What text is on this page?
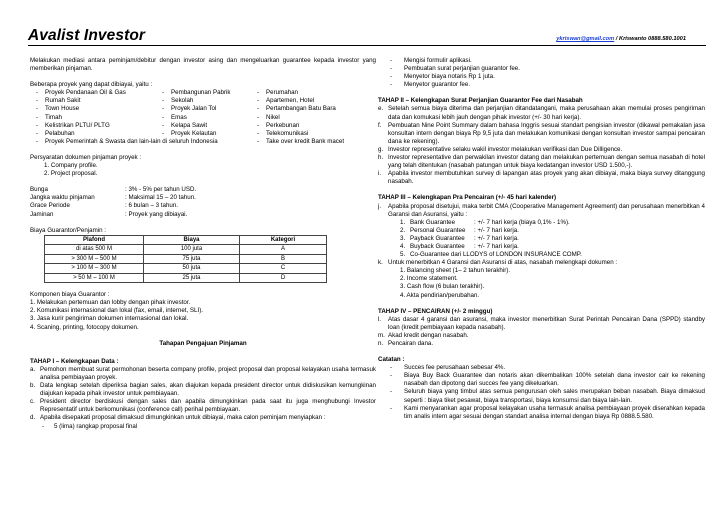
Avalist Investor	ykriswan@gmail.com / Kriswanto 0888.580.1001

Melakukan mediasi antara peminjam/debitur dengan investor asing dan mengeluarkan guarantee kepada investor yang memberikan pinjaman.

Beberapa proyek yang dapat dibiayai, yaitu :

- Proyek Pendanaan Oil & Gas	- Pembangunan Pabrik	- Perumahan
- Rumah Sakit	- Sekolah	- Apartemen, Hotel
- Town House	- Proyek Jalan Tol	- Pertambangan Batu Bara
- Timah	- Emas	- Nikel
- Kelistrikan PLTU/ PLTG	- Kelapa Sawit	- Perkebunan
- Pelabuhan	- Proyek Kelautan	- Telekomunikasi
- Proyek Pemerintah & Swasta dan lain-lain di seluruh Indonesia		- Take over kredit Bank macet

Persyaratan dokumen pinjaman proyek :

1. Company profile.

2. Project proposal.

Bunga	: 3% - 5% per tahun USD.
Jangka waktu pinjaman	: Maksimal 15 – 20 tahun.
Grace Periode	: 6 bulan – 3 tahun.
Jaminan	: Proyek yang dibiayai.

Biaya Guarantor/Penjamin :

Plafond	Biaya	Kategori
di atas 500 M	100 juta	A
> 300 M – 500 M	75 juta	B
> 100 M – 300 M	50 juta	C
> 50 M – 100 M	25 juta	D

Komponen biaya Guarantor :

1. Melakukan pertemuan dan lobby dengan pihak investor.

2. Komunikasi internasional dan lokal (fax, email, internet, SLI).

3. Jasa kurir pengiriman dokumen internasional dan lokal.

4. Scaning, printing, fotocopy dokumen.

Tahapan Pengajuan Pinjaman

TAHAP I – Kelengkapan Data :

a. Pemohon membuat surat permohonan beserta company profile, project proposal dan proposal kelayakan usaha termasuk analisa pembiayaan proyek.
b. Data lengkap setelah diperiksa bagian sales, akan diajukan kepada president director untuk didiskusikan kemungkinan diajukan kepada pihak investor untuk pembiayaan.
c. President director berdiskusi dengan sales dan apabila dimungkinkan pada saat itu juga menghubungi Investor Representatif untuk berkomunikasi (conference call) perihal pembiayaan.
d. Apabila disepakati proposal dimaksud dimungkinkan untuk dibiayai, maka calon peminjam menyiapkan :
-	5 (lima) rangkap proposal final
-	Mengisi formulir aplikasi.
-	Pembuatan surat perjanjian guarantor fee.
-	Menyetor biaya notaris Rp 1 juta.
-	Menyetor guarantor fee.

TAHAP II – Kelengkapan Surat Perjanjian Guarantor Fee dari Nasabah

e. Setelah semua biaya diterima dan perjanjian ditandatangani, maka perusahaan akan memulai proses pengiriman data dan komukasi lebih jauh dengan pihak investor (+/- 30 hari kerja).
f.	Pembuatan Nine Point Summary dalam bahasa Inggris sesuai standart pengisian investor (dikawal pemakalan jasa konsultan intern dengan biaya Rp 9,5 juta dan melakukan komunikasi dengan konsultan investor sampai pencairan dana ke rekening).
g. Investor representative selaku wakil investor melakukan verifikasi dan Due Dilligence.
h. Investor representative dan perwakilan investor datang dan melakukan pertemuan dengan semua nasabah di hotel yang telah ditentukan (nasabah patungan untuk biaya kedatangan investor USD 1.500,-).
i.	Apabila investor membutuhkan survey di lapangan atas proyek yang akan dibiayai, maka biaya survey ditanggung nasabah.

TAHAP III – Kelengkapan Pra Pencairan (+/- 45 hari kalender)

j.	Apabila proposal disetujui, maka terbit CMA (Cooperative Management Agreement) dan perusahaan menerbitkan 4 Garansi dan Asuransi, yaitu :
1. Bank Guarantee	: +/- 7 hari kerja (biaya 0,1% - 1%).
2. Personal Guarantee	: +/- 7 hari kerja.
3. Payback Guarantee	: +/- 7 hari kerja.
4. Buyback Guarantee	: +/- 7 hari kerja.
5. Co-Guarantee dari LLODYS of LONDON INSURANCE COMP.
k. Untuk menerbitkan 4 Garansi dan Asuransi di atas, nasabah melengkapi dokumen :

1. Balancing sheet (1– 2 tahun terakhir).

2. Income statement.

3. Cash flow (6 bulan terakhir).

4. Akta pendirian/perubahan.

TAHAP IV – PENCAIRAN (+/- 2 minggu)

l.	Atas dasar 4 garansi dan asuransi, maka investor menerbitkan Surat Perintah Pencairan Dana (SPPD) standby loan (kredit pembiayaan kepada nasabah).
m. Akad kredit dengan nasabah.
n. Pencairan dana.

Catatan :

-	Succes fee perusahaan sebesar 4%.
-	Biaya Buy Back Guarantee dan notaris akan dikembalikan 100% setelah dana investor cair ke rekening nasabah dan dipotong dari succes fee yang dikeluarkan.
-	Seluruh biaya yang timbul atas semua pengurusan oleh sales merupakan beban nasabah. Biaya dimaksud seperti : biaya tiket pesawat, biaya transportasi, biaya konsumsi dan biaya lain-lain.
-	Kami menyarankan agar proposal kelayakan usaha termasuk analisa pembiayaan proyek diserahkan kepada tim analis intern agar sesuai dengan standart analisa internal dengan biaya Rp 0888.5.580.
